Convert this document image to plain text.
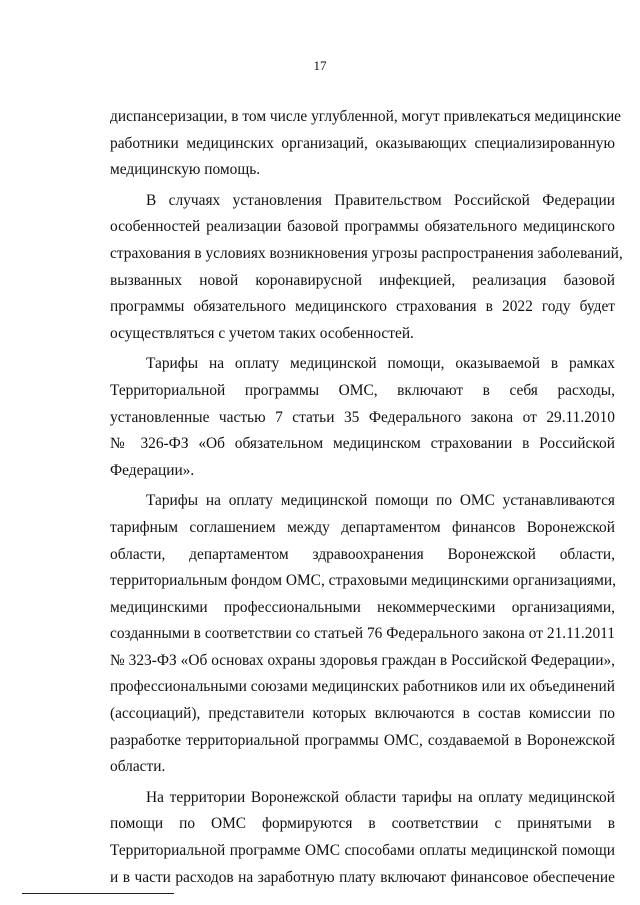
17

диспансеризации, в том числе углубленной, могут привлекаться медицинские
работники медицинских организаций, оказывающих специализированную
медицинскую помощь.

В случаях установления Правительством Российской Федерации
особенностей реализации базовой программы обязательного медицинского
страхования в условиях возникновения угрозы распространения заболеваний,
вызванных новой коронавирусной инфекцией, реализация базовой
программы обязательного медицинского страхования в 2022 году будет
осуществляться с учетом таких особенностей.

Тарифы на оплату медицинской помощи, оказываемой в рамках
Территориальной программы ОМС, включают в себя расходы,
установленные частью 7 статьи 35 Федерального закона от 29.11.2010
№ 326-ФЗ «Об обязательном медицинском страховании в Российской
Федерации».

Тарифы на оплату медицинской помощи по ОМС устанавливаются
тарифным соглашением между департаментом финансов Воронежской
области, департаментом здравоохранения Воронежской области,
территориальным фондом ОМС, страховыми медицинскими организациями,
медицинскими профессиональными некоммерческими организациями,
созданными в соответствии со статьей 76 Федерального закона от 21.11.2011
№ 323-ФЗ «Об основах охраны здоровья граждан в Российской Федерации»,
профессиональными союзами медицинских работников или их объединений
(ассоциаций), представители которых включаются в состав комиссии по
разработке территориальной программы ОМС, создаваемой в Воронежской
области.

На территории Воронежской области тарифы на оплату медицинской
помощи по ОМС формируются в соответствии с принятыми в
Территориальной программе ОМС способами оплаты медицинской помощи
и в части расходов на заработную плату включают финансовое обеспечение
